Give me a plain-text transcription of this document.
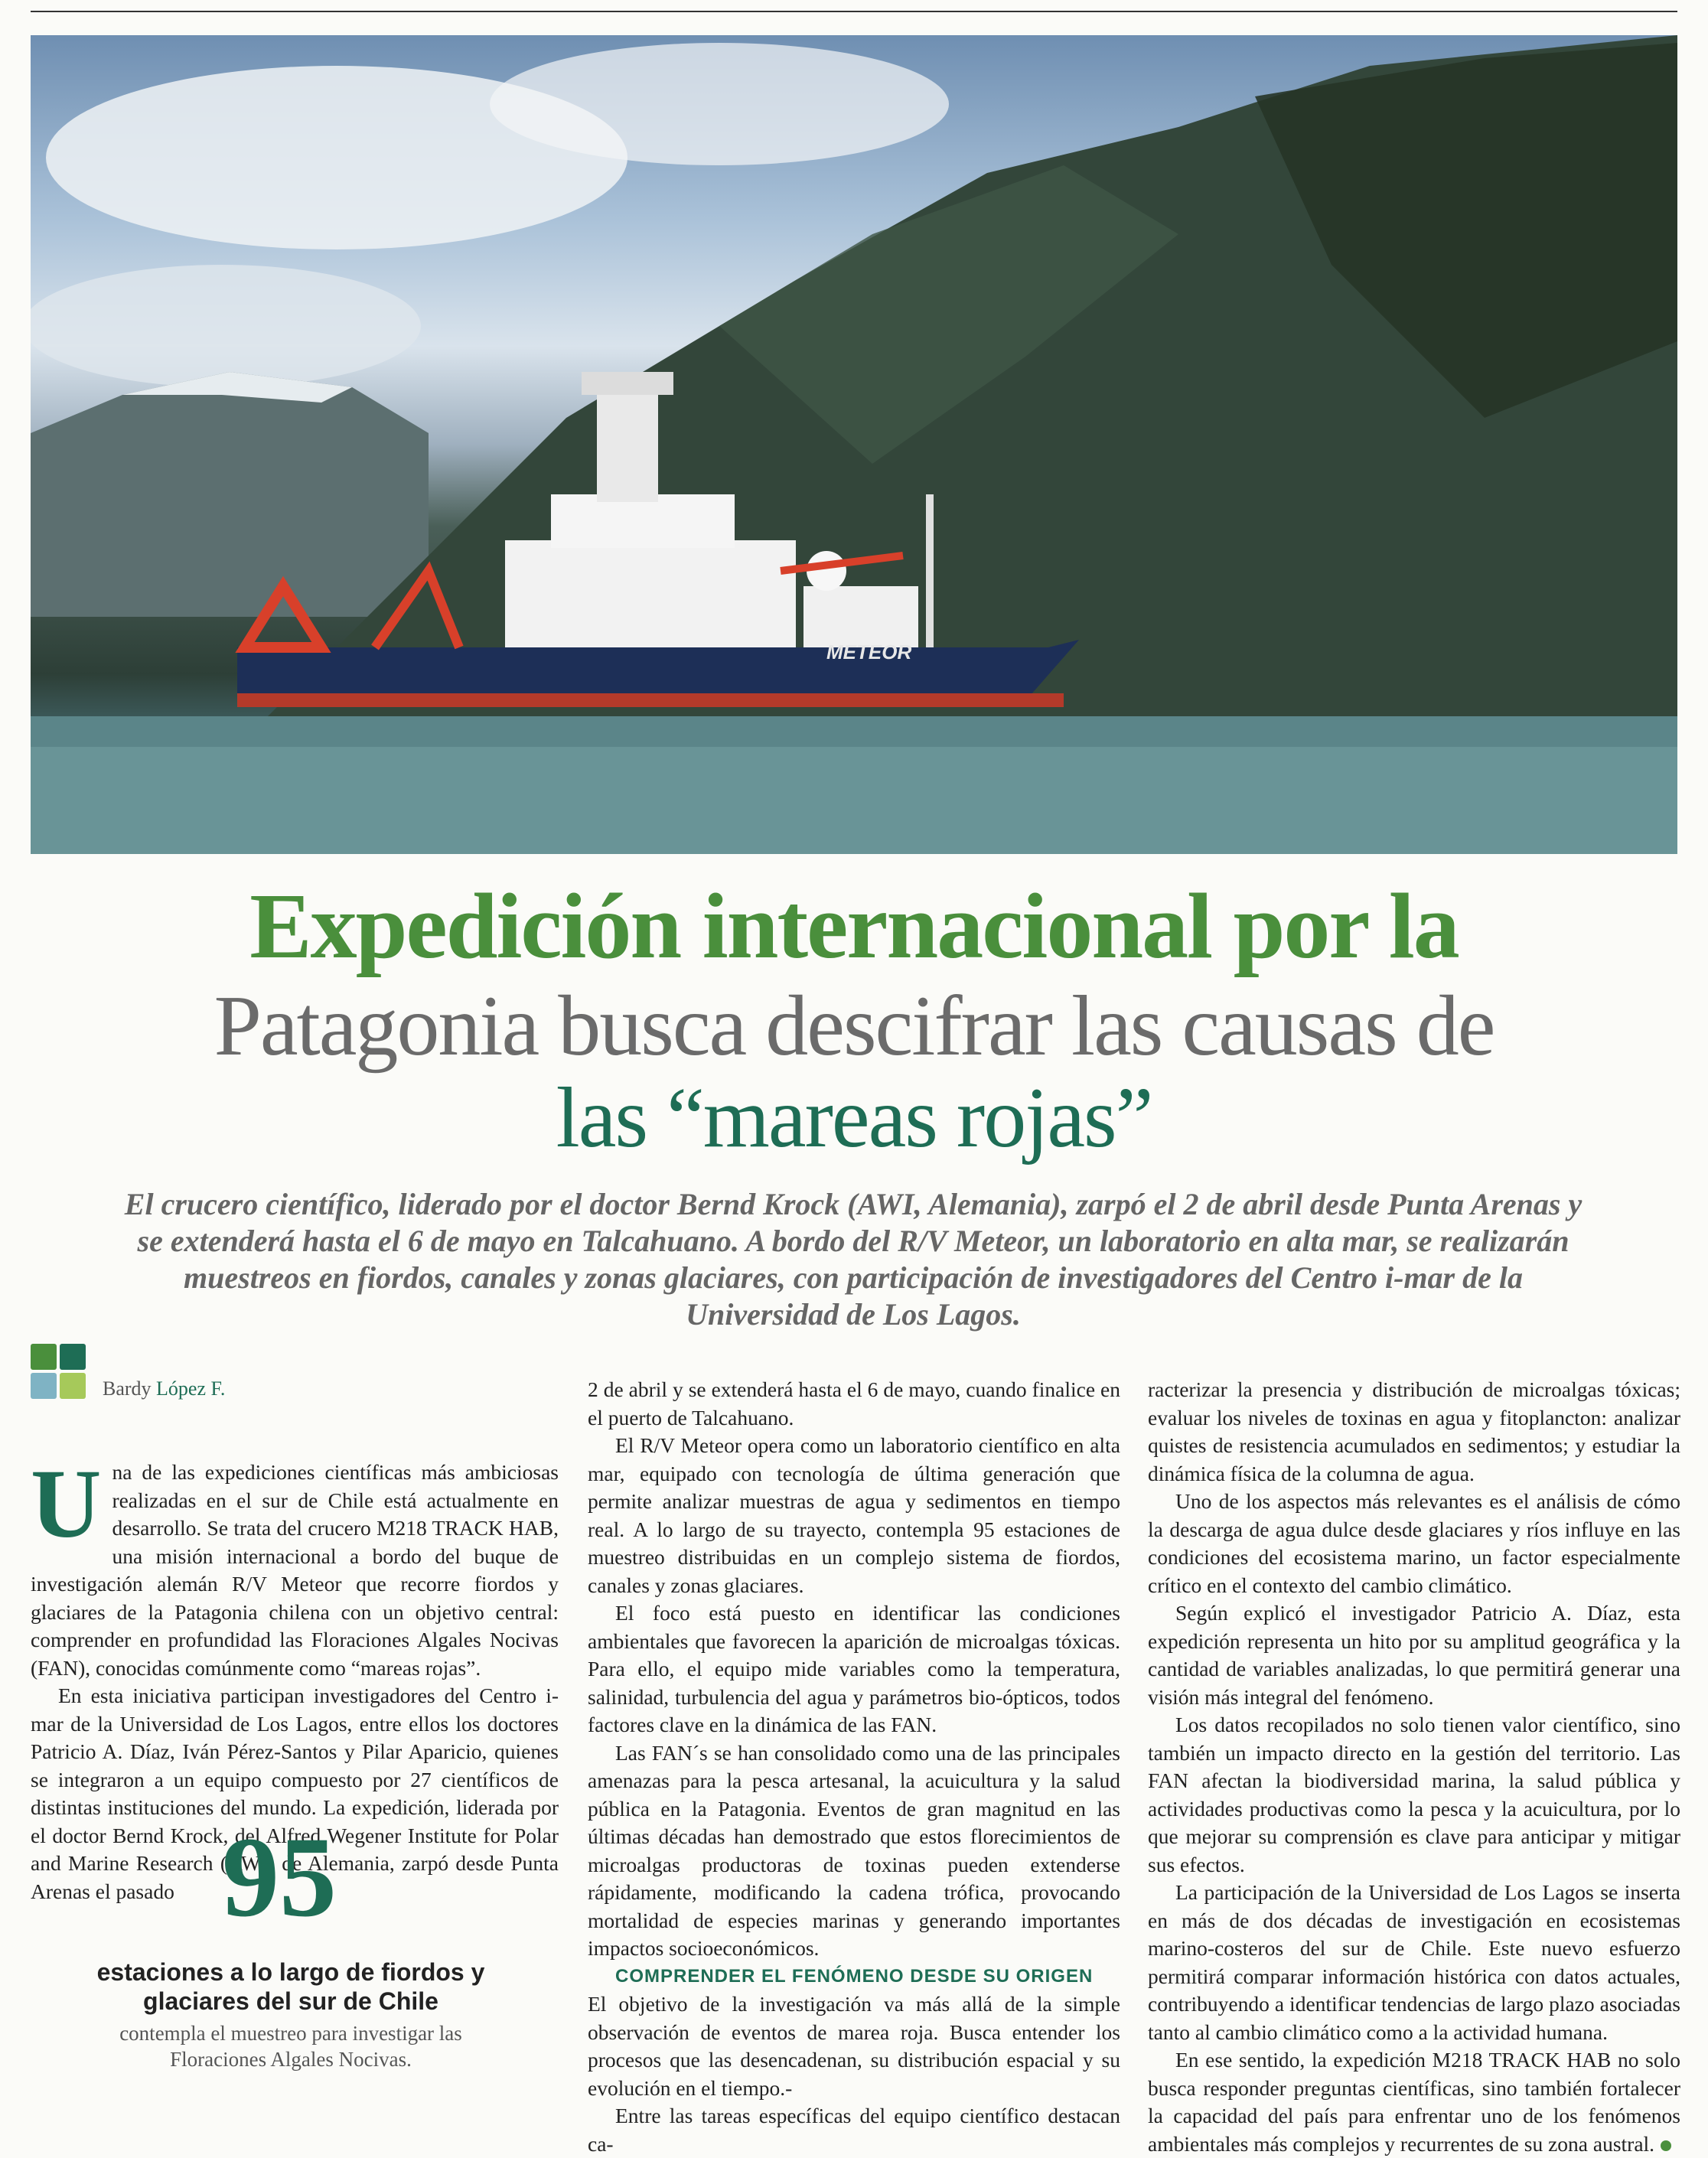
METEOR
Expedición internacional por la
Patagonia busca descifrar las causas de
las “mareas rojas”
El crucero científico, liderado por el doctor Bernd Krock (AWI, Alemania), zarpó el 2 de abril desde Punta Arenas y se extenderá hasta el 6 de mayo en Talcahuano. A bordo del R/V Meteor, un laboratorio en alta mar, se realizarán muestreos en fiordos, canales y zonas glaciares, con participación de investigadores del Centro i-mar de la Universidad de Los Lagos.
Bardy López F.

Una de las expediciones científicas más ambiciosas realizadas en el sur de Chile está actualmente en desarrollo. Se trata del crucero M218 TRACK HAB, una misión internacional a bordo del buque de investigación alemán R/V Meteor que recorre fiordos y glaciares de la Patagonia chilena con un objetivo central: comprender en profundidad las Floraciones Algales Nocivas (FAN), conocidas comúnmente como “mareas rojas”.

En esta iniciativa participan investigadores del Centro i-mar de la Universidad de Los Lagos, entre ellos los doctores Patricio A. Díaz, Iván Pérez-Santos y Pilar Aparicio, quienes se integraron a un equipo compuesto por 27 científicos de distintas instituciones del mundo. La expedición, liderada por el doctor Bernd Krock, del Alfred Wegener Institute for Polar and Marine Research (AWI) de Alemania, zarpó desde Punta Arenas el pasado 95
estaciones a lo largo de fiordos y glaciares del sur de Chile
contempla el muestreo para investigar las Floraciones Algales Nocivas.

2 de abril y se extenderá hasta el 6 de mayo, cuando finalice en el puerto de Talcahuano.

El R/V Meteor opera como un laboratorio científico en alta mar, equipado con tecnología de última generación que permite analizar muestras de agua y sedimentos en tiempo real. A lo largo de su trayecto, contempla 95 estaciones de muestreo distribuidas en un complejo sistema de fiordos, canales y zonas glaciares.

El foco está puesto en identificar las condiciones ambientales que favorecen la aparición de microalgas tóxicas. Para ello, el equipo mide variables como la temperatura, salinidad, turbulencia del agua y parámetros bio-ópticos, todos factores clave en la dinámica de las FAN.

Las FAN´s se han consolidado como una de las principales amenazas para la pesca artesanal, la acuicultura y la salud pública en la Patagonia. Eventos de gran magnitud en las últimas décadas han demostrado que estos florecimientos de microalgas productoras de toxinas pueden extenderse rápidamente, modificando la cadena trófica, provocando mortalidad de especies marinas y generando importantes impactos socioeconómicos.

COMPRENDER EL FENÓMENO DESDE SU ORIGEN

El objetivo de la investigación va más allá de la simple observación de eventos de marea roja. Busca entender los procesos que las desencadenan, su distribución espacial y su evolución en el tiempo.-

Entre las tareas específicas del equipo científico destacan ca-

racterizar la presencia y distribución de microalgas tóxicas; evaluar los niveles de toxinas en agua y fitoplancton: analizar quistes de resistencia acumulados en sedimentos; y estudiar la dinámica física de la columna de agua.

Uno de los aspectos más relevantes es el análisis de cómo la descarga de agua dulce desde glaciares y ríos influye en las condiciones del ecosistema marino, un factor especialmente crítico en el contexto del cambio climático.

Según explicó el investigador Patricio A. Díaz, esta expedición representa un hito por su amplitud geográfica y la cantidad de variables analizadas, lo que permitirá generar una visión más integral del fenómeno.

Los datos recopilados no solo tienen valor científico, sino también un impacto directo en la gestión del territorio. Las FAN afectan la biodiversidad marina, la salud pública y actividades productivas como la pesca y la acuicultura, por lo que mejorar su comprensión es clave para anticipar y mitigar sus efectos.

La participación de la Universidad de Los Lagos se inserta en más de dos décadas de investigación en ecosistemas marino-costeros del sur de Chile. Este nuevo esfuerzo permitirá comparar información histórica con datos actuales, contribuyendo a identificar tendencias de largo plazo asociadas tanto al cambio climático como a la actividad humana.

En ese sentido, la expedición M218 TRACK HAB no solo busca responder preguntas científicas, sino también fortalecer la capacidad del país para enfrentar uno de los fenómenos ambientales más complejos y recurrentes de su zona austral.
